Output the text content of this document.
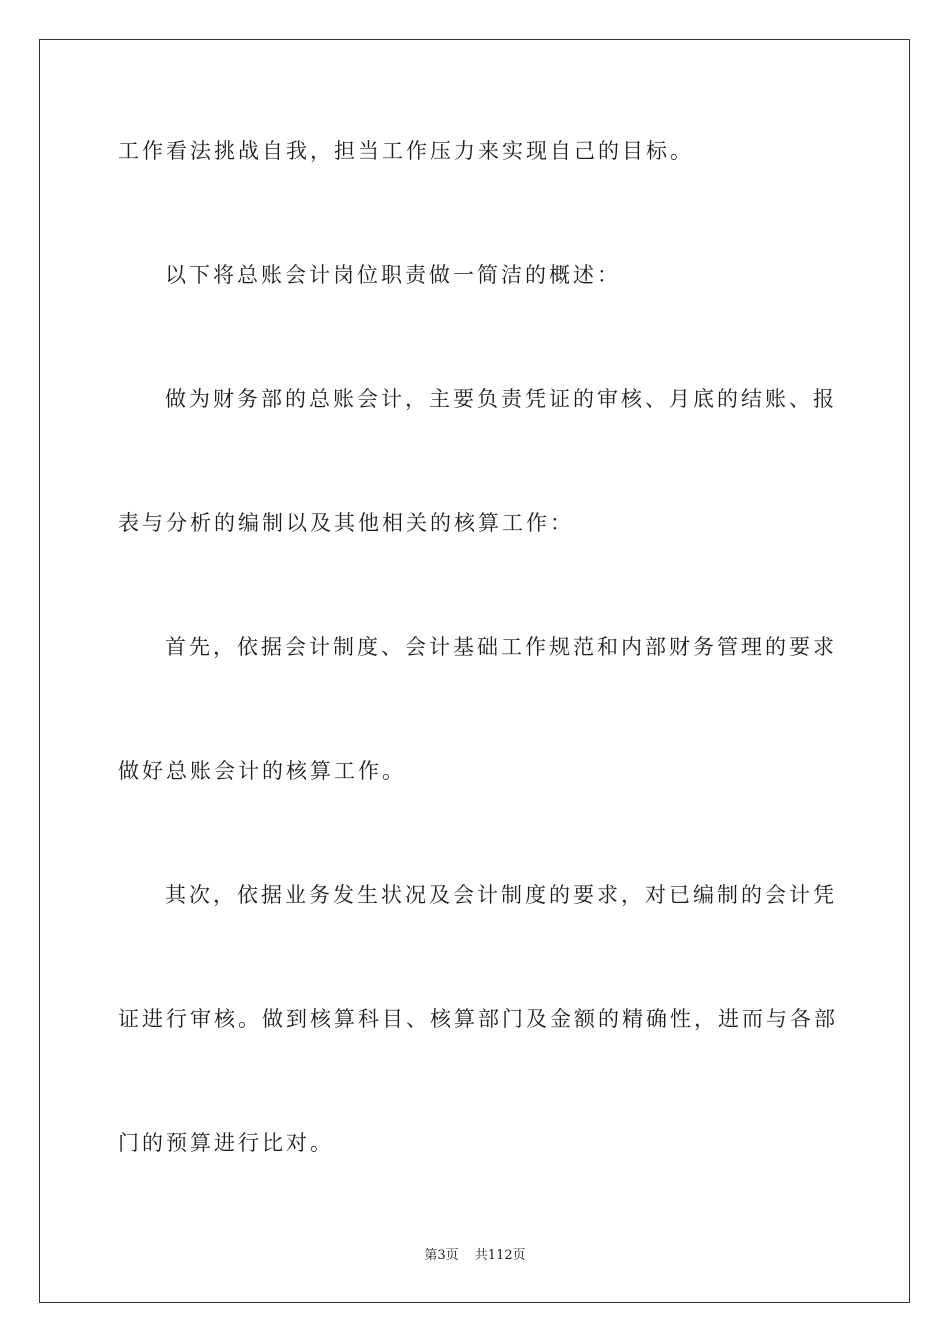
工作看法挑战自我，担当工作压力来实现自己的目标。
以下将总账会计岗位职责做一简洁的概述：
做为财务部的总账会计，主要负责凭证的审核、月底的结账、报
表与分析的编制以及其他相关的核算工作：
首先，依据会计制度、会计基础工作规范和内部财务管理的要求
做好总账会计的核算工作。
其次，依据业务发生状况及会计制度的要求，对已编制的会计凭
证进行审核。做到核算科目、核算部门及金额的精确性，进而与各部
门的预算进行比对。
第3页 共112页
